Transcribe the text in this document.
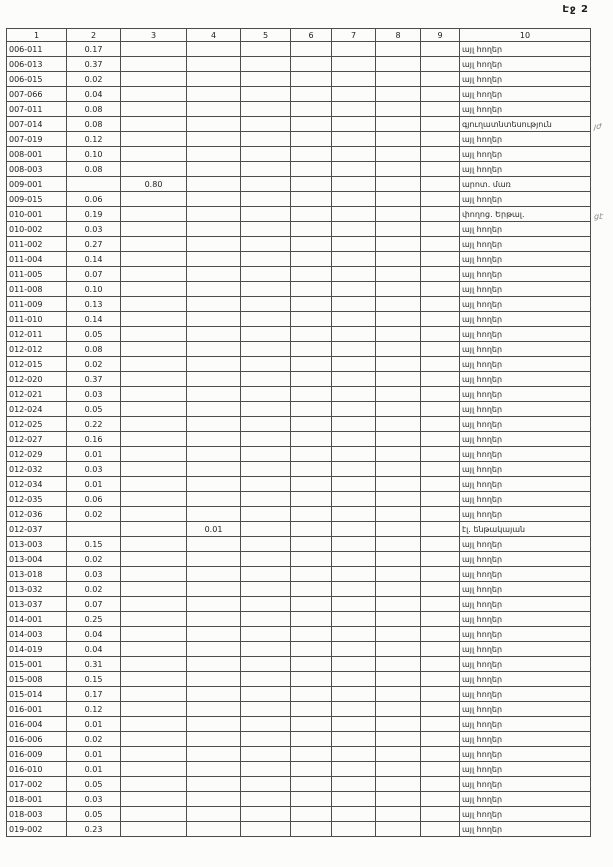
Էջ 2
1	2	3	4	5	6	7	8	9	10
006-011	0.17								այլ հողեր
006-013	0.37								այլ հողեր
006-015	0.02								այլ հողեր
007-066	0.04								այլ հողեր
007-011	0.08								այլ հողեր
007-014	0.08								գյուղատնտեսություն
007-019	0.12								այլ հողեր
008-001	0.10								այլ հողեր
008-003	0.08								այլ հողեր
009-001		0.80							արոտ. մառ
009-015	0.06								այլ հողեր
010-001	0.19								փողոց. Երթալ.
010-002	0.03								այլ հողեր
011-002	0.27								այլ հողեր
011-004	0.14								այլ հողեր
011-005	0.07								այլ հողեր
011-008	0.10								այլ հողեր
011-009	0.13								այլ հողեր
011-010	0.14								այլ հողեր
012-011	0.05								այլ հողեր
012-012	0.08								այլ հողեր
012-015	0.02								այլ հողեր
012-020	0.37								այլ հողեր
012-021	0.03								այլ հողեր
012-024	0.05								այլ հողեր
012-025	0.22								այլ հողեր
012-027	0.16								այլ հողեր
012-029	0.01								այլ հողեր
012-032	0.03								այլ հողեր
012-034	0.01								այլ հողեր
012-035	0.06								այլ հողեր
012-036	0.02								այլ հողեր
012-037			0.01						էլ. ենթակայան
013-003	0.15								այլ հողեր
013-004	0.02								այլ հողեր
013-018	0.03								այլ հողեր
013-032	0.02								այլ հողեր
013-037	0.07								այլ հողեր
014-001	0.25								այլ հողեր
014-003	0.04								այլ հողեր
014-019	0.04								այլ հողեր
015-001	0.31								այլ հողեր
015-008	0.15								այլ հողեր
015-014	0.17								այլ հողեր
016-001	0.12								այլ հողեր
016-004	0.01								այլ հողեր
016-006	0.02								այլ հողեր
016-009	0.01								այլ հողեր
016-010	0.01								այլ հողեր
017-002	0.05								այլ հողեր
018-001	0.03								այլ հողեր
018-003	0.05								այլ հողեր
019-002	0.23								այլ հողեր
յժ
ցէ
